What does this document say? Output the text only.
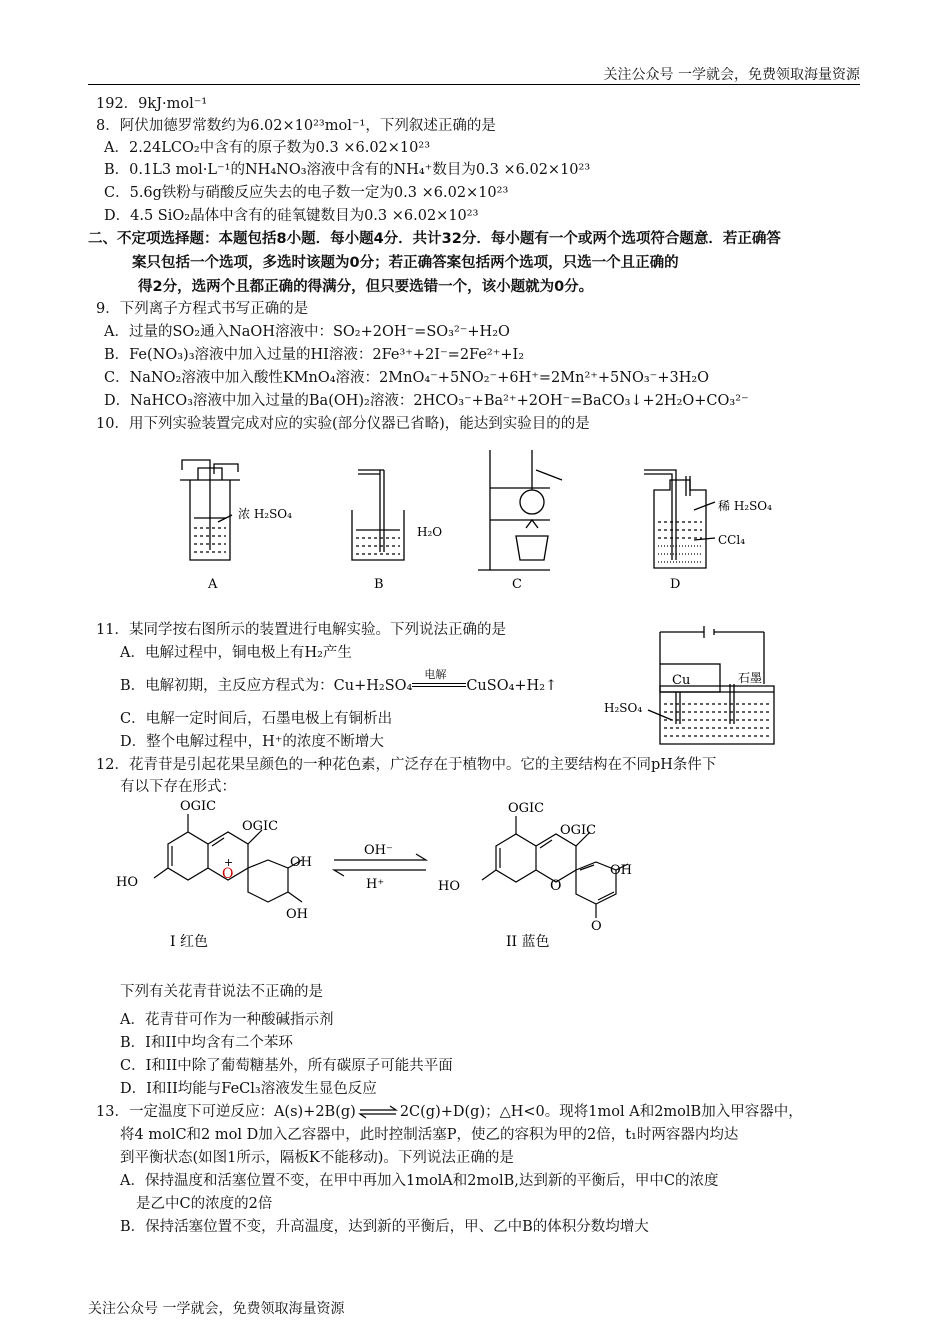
关注公众号 一学就会，免费领取海量资源
192．9kJ·mol⁻¹
8．阿伏加德罗常数约为6.02×10²³mol⁻¹，下列叙述正确的是
A．2.24LCO₂中含有的原子数为0.3 ×6.02×10²³
B．0.1L3 mol·L⁻¹的NH₄NO₃溶液中含有的NH₄⁺数目为0.3 ×6.02×10²³
C．5.6g铁粉与硝酸反应失去的电子数一定为0.3 ×6.02×10²³
D．4.5 SiO₂晶体中含有的硅氧键数目为0.3 ×6.02×10²³
二、不定项选择题：本题包括8小题．每小题4分．共计32分．每小题有一个或两个选项符合题意．若正确答
案只包括一个选项，多选时该题为0分；若正确答案包括两个选项，只选一个且正确的
得2分，选两个且都正确的得满分，但只要选错一个，该小题就为0分。
9．下列离子方程式书写正确的是
A．过量的SO₂通入NaOH溶液中：SO₂+2OH⁻=SO₃²⁻+H₂O
B．Fe(NO₃)₃溶液中加入过量的HI溶液：2Fe³⁺+2I⁻=2Fe²⁺+I₂
C．NaNO₂溶液中加入酸性KMnO₄溶液：2MnO₄⁻+5NO₂⁻+6H⁺=2Mn²⁺+5NO₃⁻+3H₂O
D．NaHCO₃溶液中加入过量的Ba(OH)₂溶液：2HCO₃⁻+Ba²⁺+2OH⁻=BaCO₃↓+2H₂O+CO₃²⁻
10．用下列实验装置完成对应的实验(部分仪器已省略)，能达到实验目的的是
浓 H₂SO₄
A
H₂O
B	C
稀 H₂SO₄
CCl₄
D
11．某同学按右图所示的装置进行电解实验。下列说法正确的是
A．电解过程中，铜电极上有H₂产生
B．电解初期，主反应方程式为：Cu+H₂SO₄
电解
CuSO₄+H₂↑
C．电解一定时间后，石墨电极上有铜析出
D．整个电解过程中，H⁺的浓度不断增大
Cu	石墨
H₂SO₄
12．花青苷是引起花果呈颜色的一种花色素，广泛存在于植物中。它的主要结构在不同pH条件下
有以下存在形式：
OGIC
OGIC
HO
O
+	OH
OH
I 红色
OH⁻
H⁺
OGIC
OGIC
HO	O
OH
O
II 蓝色
下列有关花青苷说法不正确的是
A．花青苷可作为一种酸碱指示剂
B．I和II中均含有二个苯环
C．I和II中除了葡萄糖基外，所有碳原子可能共平面
D．I和II均能与FeCl₃溶液发生显色反应
13．一定温度下可逆反应：A(s)+2B(g)⇌2C(g)+D(g)；△H<0。现将1mol A和2molB加入甲容器中，
将4 molC和2 mol D加入乙容器中，此时控制活塞P，使乙的容积为甲的2倍，t₁时两容器内均达
到平衡状态(如图1所示，隔板K不能移动)。下列说法正确的是
A．保持温度和活塞位置不变，在甲中再加入1molA和2molB,达到新的平衡后，甲中C的浓度
是乙中C的浓度的2倍
B．保持活塞位置不变，升高温度，达到新的平衡后，甲、乙中B的体积分数均增大
关注公众号 一学就会，免费领取海量资源
